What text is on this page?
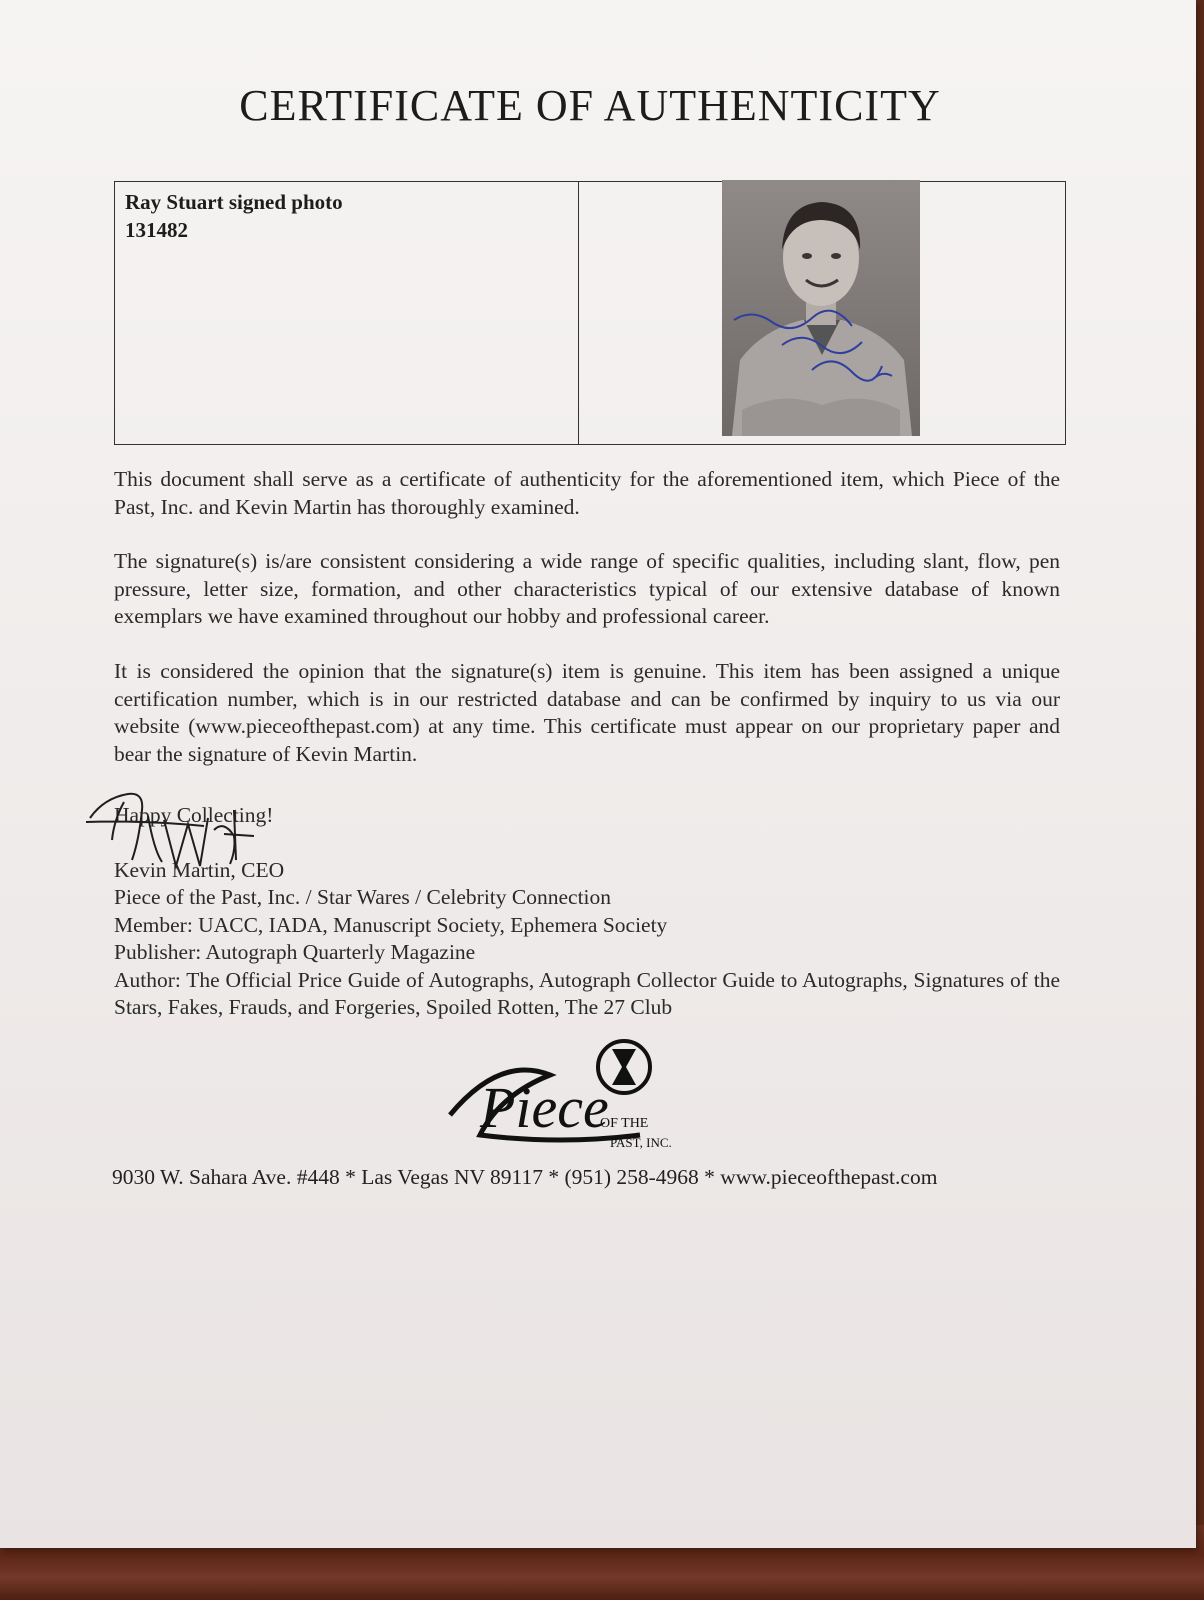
CERTIFICATE OF AUTHENTICITY
Ray Stuart signed photo
131482
This document shall serve as a certificate of authenticity for the aforementioned item, which Piece of the Past, Inc. and Kevin Martin has thoroughly examined.
The signature(s) is/are consistent considering a wide range of specific qualities, including slant, flow, pen pressure, letter size, formation, and other characteristics typical of our extensive database of known exemplars we have examined throughout our hobby and professional career.
It is considered the opinion that the signature(s) item is genuine. This item has been assigned a unique certification number, which is in our restricted database and can be confirmed by inquiry to us via our website (www.pieceofthepast.com) at any time. This certificate must appear on our proprietary paper and bear the signature of Kevin Martin.
Happy Collecting!
Kevin Martin, CEO
Piece of the Past, Inc. / Star Wares / Celebrity Connection
Member: UACC, IADA, Manuscript Society, Ephemera Society
Publisher: Autograph Quarterly Magazine
Author: The Official Price Guide of Autographs, Autograph Collector Guide to Autographs, Signatures of the Stars, Fakes, Frauds, and Forgeries, Spoiled Rotten, The 27 Club
Piece
OF THE
PAST, INC.
9030 W. Sahara Ave. #448 * Las Vegas NV 89117 * (951) 258-4968 * www.pieceofthepast.com
